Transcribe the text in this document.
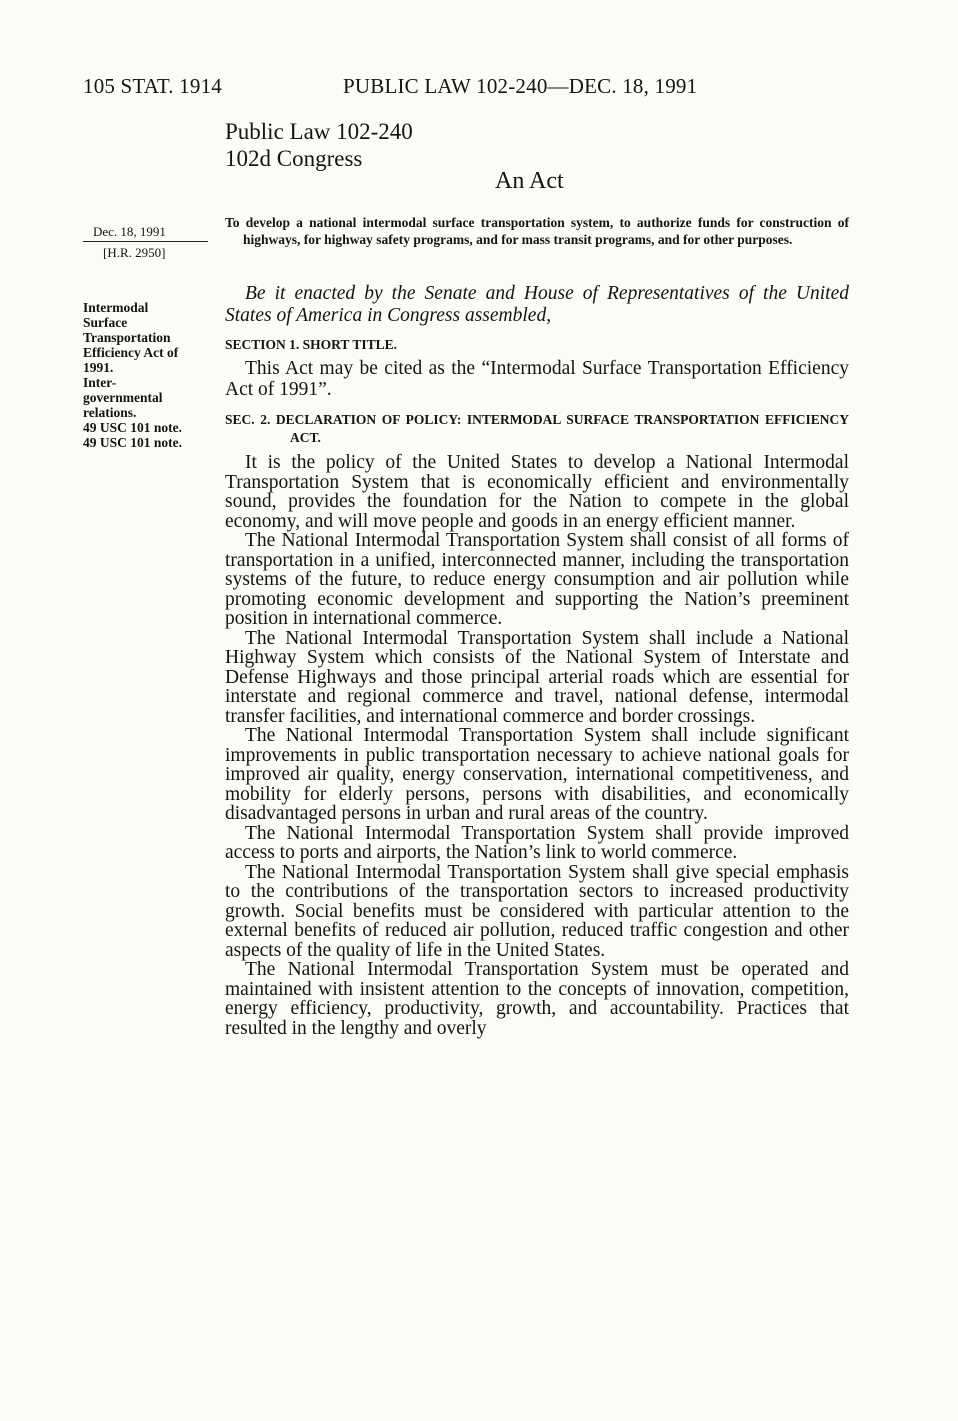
105 STAT. 1914	PUBLIC LAW 102-240—DEC. 18, 1991
Public Law 102-240
102d Congress
An Act
Dec. 18, 1991
[H.R. 2950]
Intermodal
Surface
Transportation
Efficiency Act of
1991.
Inter-
governmental
relations.
49 USC 101 note.
49 USC 101 note.
To develop a national intermodal surface transportation system, to authorize funds for construction of highways, for highway safety programs, and for mass transit programs, and for other purposes.
Be it enacted by the Senate and House of Representatives of the United States of America in Congress assembled,
SECTION 1. SHORT TITLE.
This Act may be cited as the “Intermodal Surface Transportation Efficiency Act of 1991”.
SEC. 2. DECLARATION OF POLICY: INTERMODAL SURFACE TRANSPORTATION EFFICIENCY ACT.

It is the policy of the United States to develop a National Intermodal Transportation System that is economically efficient and environmentally sound, provides the foundation for the Nation to compete in the global economy, and will move people and goods in an energy efficient manner.

The National Intermodal Transportation System shall consist of all forms of transportation in a unified, interconnected manner, including the transportation systems of the future, to reduce energy consumption and air pollution while promoting economic development and supporting the Nation’s preeminent position in international commerce.

The National Intermodal Transportation System shall include a National Highway System which consists of the National System of Interstate and Defense Highways and those principal arterial roads which are essential for interstate and regional commerce and travel, national defense, intermodal transfer facilities, and international commerce and border crossings.

The National Intermodal Transportation System shall include significant improvements in public transportation necessary to achieve national goals for improved air quality, energy conservation, international competitiveness, and mobility for elderly persons, persons with disabilities, and economically disadvantaged persons in urban and rural areas of the country.

The National Intermodal Transportation System shall provide improved access to ports and airports, the Nation’s link to world commerce.

The National Intermodal Transportation System shall give special emphasis to the contributions of the transportation sectors to increased productivity growth. Social benefits must be considered with particular attention to the external benefits of reduced air pollution, reduced traffic congestion and other aspects of the quality of life in the United States.

The National Intermodal Transportation System must be operated and maintained with insistent attention to the concepts of innovation, competition, energy efficiency, productivity, growth, and accountability. Practices that resulted in the lengthy and overly
